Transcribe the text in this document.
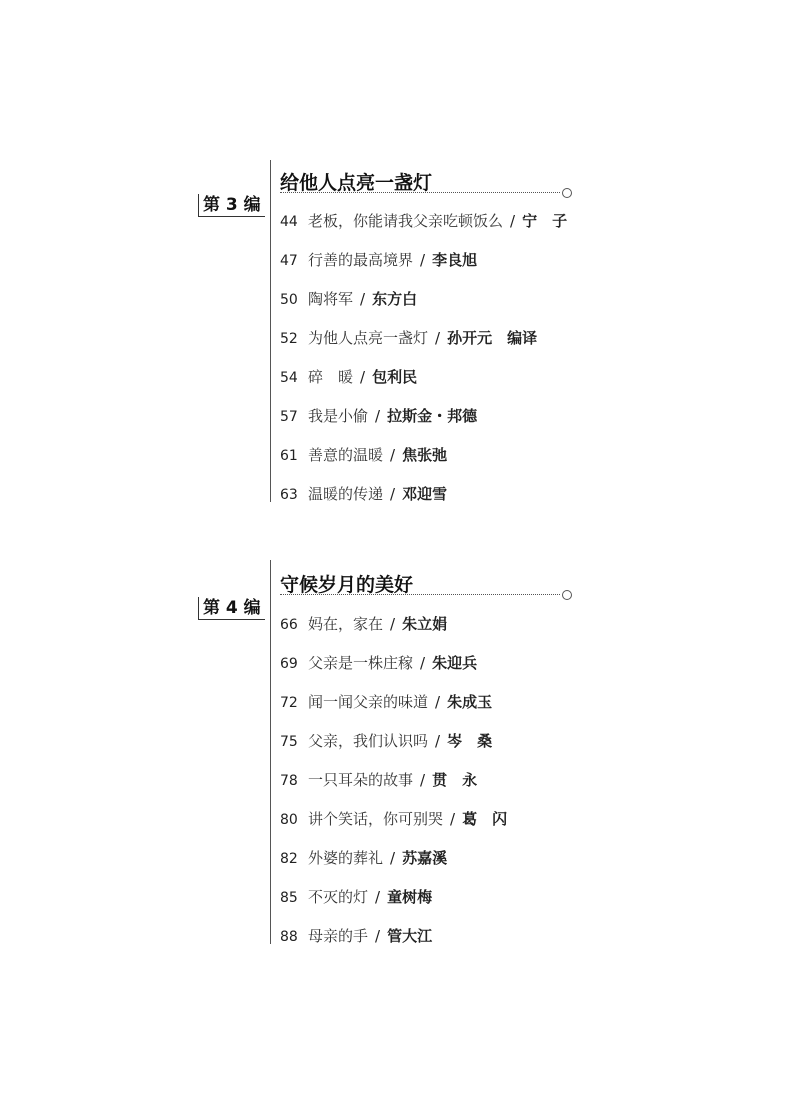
第 3 编
给他人点亮一盏灯
44 老板，你能请我父亲吃顿饭么 / 宁　子
47 行善的最高境界 / 李良旭
50 陶将军 / 东方白
52 为他人点亮一盏灯 / 孙开元　编译
54 碎　暖 / 包利民
57 我是小偷 / 拉斯金・邦德
61 善意的温暖 / 焦张弛
63 温暖的传递 / 邓迎雪
第 4 编
守候岁月的美好
66 妈在，家在 / 朱立娟
69 父亲是一株庄稼 / 朱迎兵
72 闻一闻父亲的味道 / 朱成玉
75 父亲，我们认识吗 / 岑　桑
78 一只耳朵的故事 / 贯　永
80 讲个笑话，你可别哭 / 葛　闪
82 外婆的葬礼 / 苏嘉溪
85 不灭的灯 / 童树梅
88 母亲的手 / 管大江
